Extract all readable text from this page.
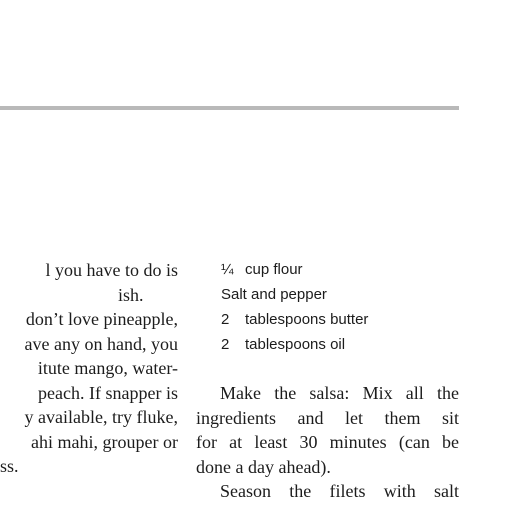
l you have to do is
ish.
don’t love pineapple,
ave any on hand, you
itute mango, water-
peach. If snapper is
y available, try fluke,
ahi mahi, grouper or
ss.
¼ cup flour
Salt and pepper
2 tablespoons butter
2 tablespoons oil
Make the salsa: Mix all the
ingredients and let them sit
for at least 30 minutes (can be
done a day ahead).
Season the filets with salt
